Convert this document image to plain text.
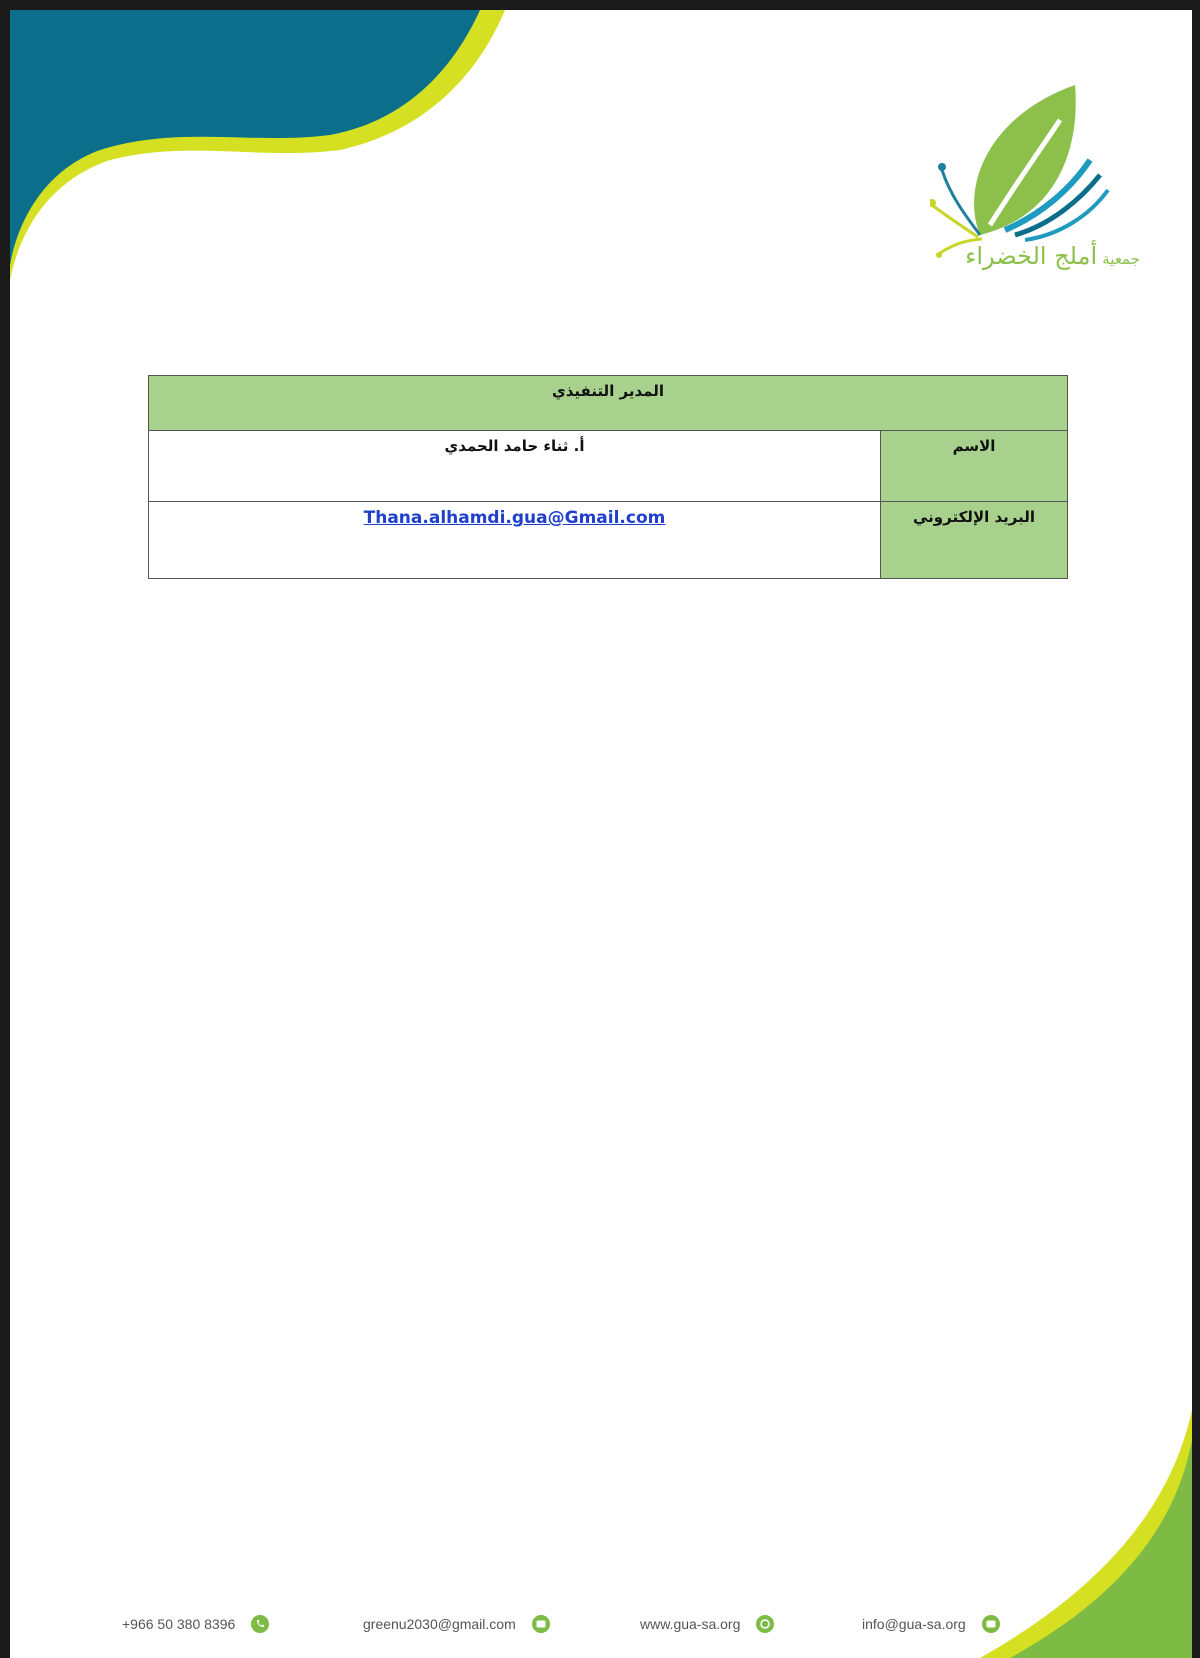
جمعية أملج الخضراء
المدير التنفيذي	
الاسم	أ. ثناء حامد الحمدي
البريد الإلكتروني	Thana.alhamdi.gua@Gmail.com
+966 50 380 8396	greenu2030@gmail.com	www.gua-sa.org	info@gua-sa.org
